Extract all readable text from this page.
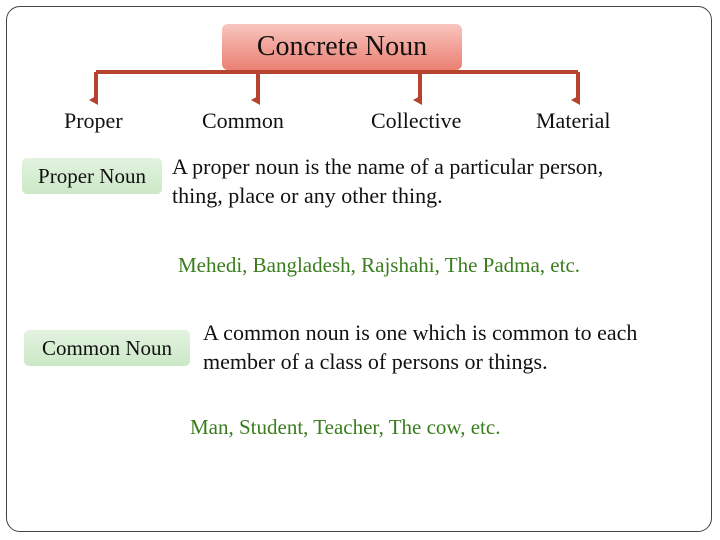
Concrete Noun
Proper	Common	Collective	Material
Proper Noun	A proper noun is the name of a particular person,
thing, place or any other thing.
Mehedi, Bangladesh, Rajshahi, The Padma, etc.
Common Noun
A common noun is one which is common to each
member of a class of persons or things.
Man, Student, Teacher, The cow, etc.
